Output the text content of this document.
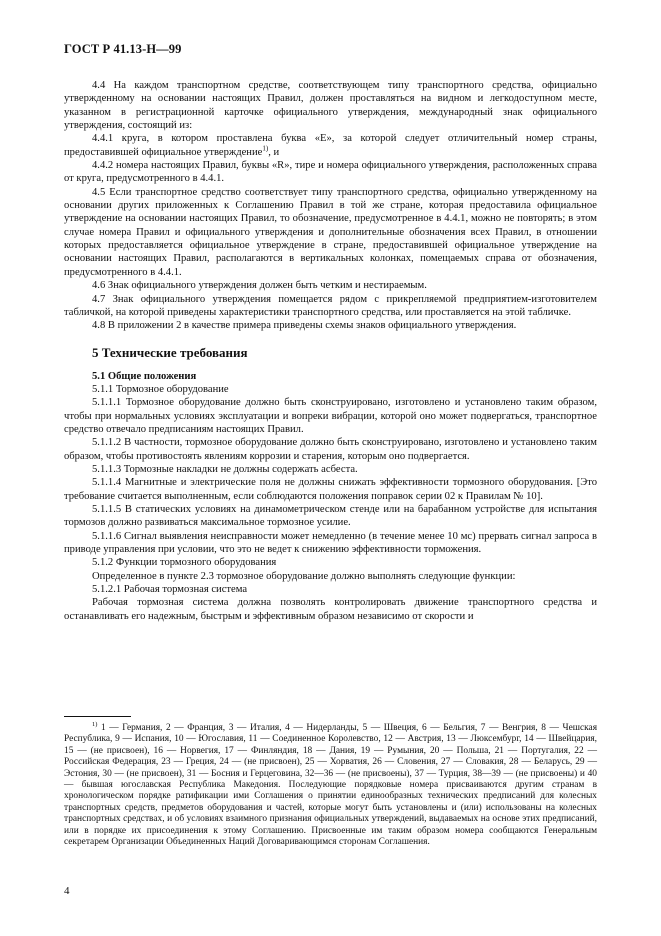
ГОСТ Р 41.13-Н—99

4.4 На каждом транспортном средстве, соответствующем типу транспортного средства, официально утвержденному на основании настоящих Правил, должен проставляться на видном и легкодоступном месте, указанном в регистрационной карточке официального утверждения, международный знак официального утверждения, состоящий из:

4.4.1 круга, в котором проставлена буква «Е», за которой следует отличительный номер страны, предоставившей официальное утверждение$^{1)}$, и

4.4.2 номера настоящих Правил, буквы «R», тире и номера официального утверждения, расположенных справа от круга, предусмотренного в 4.4.1.

4.5 Если транспортное средство соответствует типу транспортного средства, официально утвержденному на основании других приложенных к Соглашению Правил в той же стране, которая предоставила официальное утверждение на основании настоящих Правил, то обозначение, предусмотренное в 4.4.1, можно не повторять; в этом случае номера Правил и официального утверждения и дополнительные обозначения всех Правил, в отношении которых предоставляется официальное утверждение в стране, предоставившей официальное утверждение на основании настоящих Правил, располагаются в вертикальных колонках, помещаемых справа от обозначения, предусмотренного в 4.4.1.

4.6 Знак официального утверждения должен быть четким и нестираемым.

4.7 Знак официального утверждения помещается рядом с прикрепляемой предприятием-изготовителем табличкой, на которой приведены характеристики транспортного средства, или проставляется на этой табличке.

4.8 В приложении 2 в качестве примера приведены схемы знаков официального утверждения.

5 Технические требования

5.1 Общие положения

5.1.1 Тормозное оборудование

5.1.1.1 Тормозное оборудование должно быть сконструировано, изготовлено и установлено таким образом, чтобы при нормальных условиях эксплуатации и вопреки вибрации, которой оно может подвергаться, транспортное средство отвечало предписаниям настоящих Правил.

5.1.1.2 В частности, тормозное оборудование должно быть сконструировано, изготовлено и установлено таким образом, чтобы противостоять явлениям коррозии и старения, которым оно подвергается.

5.1.1.3 Тормозные накладки не должны содержать асбеста.

5.1.1.4 Магнитные и электрические поля не должны снижать эффективности тормозного оборудования. [Это требование считается выполненным, если соблюдаются положения поправок серии 02 к Правилам № 10].

5.1.1.5 В статических условиях на динамометрическом стенде или на барабанном устройстве для испытания тормозов должно развиваться максимальное тормозное усилие.

5.1.1.6 Сигнал выявления неисправности может немедленно (в течение менее 10 мс) прервать сигнал запроса в приводе управления при условии, что это не ведет к снижению эффективности торможения.

5.1.2 Функции тормозного оборудования

Определенное в пункте 2.3 тормозное оборудование должно выполнять следующие функции:

5.1.2.1 Рабочая тормозная система

Рабочая тормозная система должна позволять контролировать движение транспортного средства и останавливать его надежным, быстрым и эффективным образом независимо от скорости и

$^{1)}$ 1 — Германия, 2 — Франция, 3 — Италия, 4 — Нидерланды, 5 — Швеция, 6 — Бельгия, 7 — Венгрия, 8 — Чешская Республика, 9 — Испания, 10 — Югославия, 11 — Соединенное Королевство, 12 — Австрия, 13 — Люксембург, 14 — Швейцария, 15 — (не присвоен), 16 — Норвегия, 17 — Финляндия, 18 — Дания, 19 — Румыния, 20 — Польша, 21 — Португалия, 22 — Российская Федерация, 23 — Греция, 24 — (не присвоен), 25 — Хорватия, 26 — Словения, 27 — Словакия, 28 — Беларусь, 29 — Эстония, 30 — (не присвоен), 31 — Босния и Герцеговина, 32—36 — (не присвоены), 37 — Турция, 38—39 — (не присвоены) и 40 — бывшая югославская Республика Македония. Последующие порядковые номера присваиваются другим странам в хронологическом порядке ратификации ими Соглашения о принятии единообразных технических предписаний для колесных транспортных средств, предметов оборудования и частей, которые могут быть установлены и (или) использованы на колесных транспортных средствах, и об условиях взаимного признания официальных утверждений, выдаваемых на основе этих предписаний, или в порядке их присоединения к этому Соглашению. Присвоенные им таким образом номера сообщаются Генеральным секретарем Организации Объединенных Наций Договаривающимся сторонам Соглашения.

4
